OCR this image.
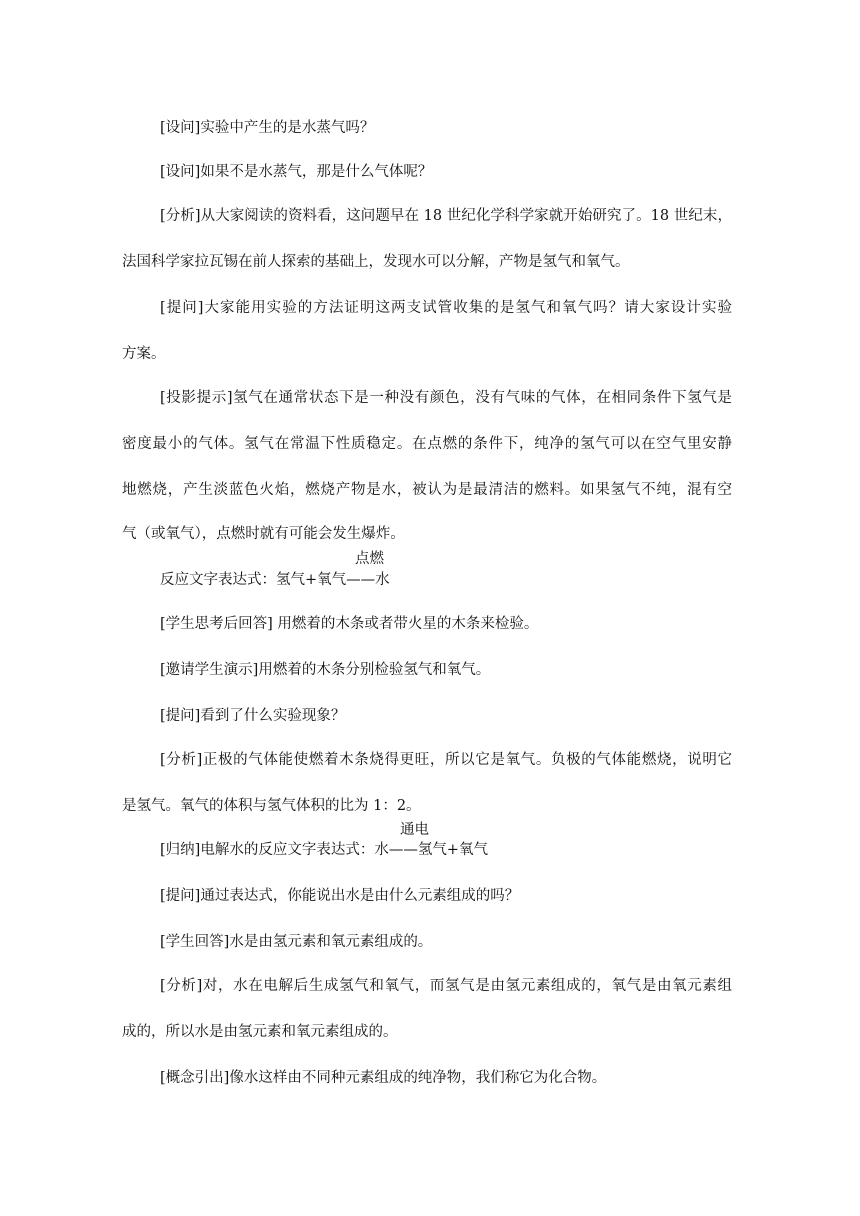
[设问]实验中产生的是水蒸气吗？
[设问]如果不是水蒸气，那是什么气体呢？
[分析]从大家阅读的资料看，这问题早在 18 世纪化学科学家就开始研究了。18 世纪末，
法国科学家拉瓦锡在前人探索的基础上，发现水可以分解，产物是氢气和氧气。
[提问]大家能用实验的方法证明这两支试管收集的是氢气和氧气吗？请大家设计实验
方案。
[投影提示]氢气在通常状态下是一种没有颜色，没有气味的气体，在相同条件下氢气是
密度最小的气体。氢气在常温下性质稳定。在点燃的条件下，纯净的氢气可以在空气里安静
地燃烧，产生淡蓝色火焰，燃烧产物是水，被认为是最清洁的燃料。如果氢气不纯，混有空
气（或氧气），点燃时就有可能会发生爆炸。
点燃
反应文字表达式：氢气+氧气——水
[学生思考后回答] 用燃着的木条或者带火星的木条来检验。
[邀请学生演示]用燃着的木条分别检验氢气和氧气。
[提问]看到了什么实验现象？
[分析]正极的气体能使燃着木条烧得更旺，所以它是氧气。负极的气体能燃烧，说明它
是氢气。氧气的体积与氢气体积的比为 1：2。
通电
[归纳]电解水的反应文字表达式：水——氢气+氧气
[提问]通过表达式，你能说出水是由什么元素组成的吗？
[学生回答]水是由氢元素和氧元素组成的。
[分析]对，水在电解后生成氢气和氧气，而氢气是由氢元素组成的，氧气是由氧元素组
成的，所以水是由氢元素和氧元素组成的。
[概念引出]像水这样由不同种元素组成的纯净物，我们称它为化合物。
